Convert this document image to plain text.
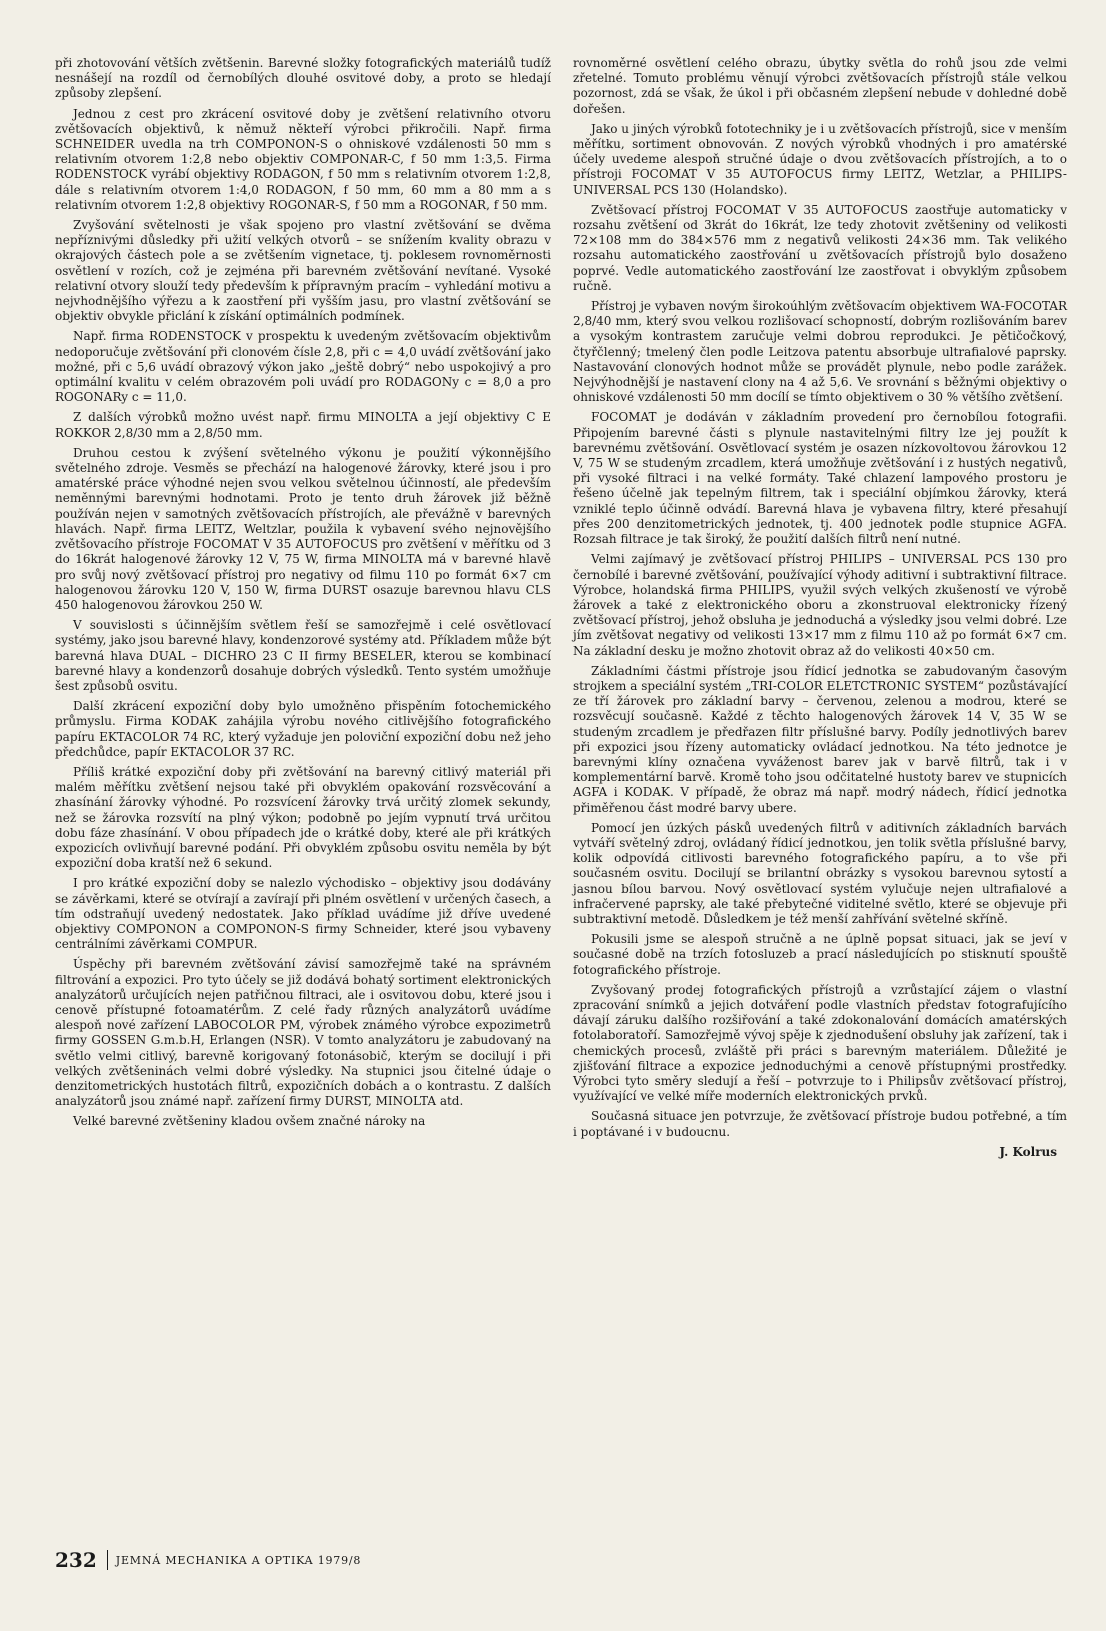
při zhotovování větších zvětšenin. Barevné složky fotografických materiálů tudíž nesnášejí na rozdíl od černobílých dlouhé osvitové doby, a proto se hledají způsoby zlepšení.

Jednou z cest pro zkrácení osvitové doby je zvětšení relativního otvoru zvětšovacích objektivů, k němuž někteří výrobci přikročili. Např. firma SCHNEIDER uvedla na trh COMPONON-S o ohniskové vzdálenosti 50 mm s relativním otvorem 1:2,8 nebo objektiv COMPONAR-C, f 50 mm 1:3,5. Firma RODENSTOCK vyrábí objektivy RODAGON, f 50 mm s relativním otvorem 1:2,8, dále s relativním otvorem 1:4,0 RODAGON, f 50 mm, 60 mm a 80 mm a s relativním otvorem 1:2,8 objektivy ROGONAR-S, f 50 mm a ROGONAR, f 50 mm.

Zvyšování světelnosti je však spojeno pro vlastní zvětšování se dvěma nepříznivými důsledky při užití velkých otvorů – se snížením kvality obrazu v okrajových částech pole a se zvětšením vignetace, tj. poklesem rovnoměrnosti osvětlení v rozích, což je zejména při barevném zvětšování nevítané. Vysoké relativní otvory slouží tedy především k přípravným pracím – vyhledání motivu a nejvhodnějšího výřezu a k zaostření při vyšším jasu, pro vlastní zvětšování se objektiv obvykle přiclání k získání optimálních podmínek.

Např. firma RODENSTOCK v prospektu k uvedeným zvětšovacím objektivům nedoporučuje zvětšování při clonovém čísle 2,8, při c = 4,0 uvádí zvětšování jako možné, při c 5,6 uvádí obrazový výkon jako „ještě dobrý“ nebo uspokojivý a pro optimální kvalitu v celém obrazovém poli uvádí pro RODAGONy c = 8,0 a pro ROGONARy c = 11,0.

Z dalších výrobků možno uvést např. firmu MINOLTA a její objektivy C E ROKKOR 2,8/30 mm a 2,8/50 mm.

Druhou cestou k zvýšení světelného výkonu je použití výkonnějšího světelného zdroje. Vesměs se přechází na halogenové žárovky, které jsou i pro amatérské práce výhodné nejen svou velkou světelnou účinností, ale především neměnnými barevnými hodnotami. Proto je tento druh žárovek již běžně používán nejen v samotných zvětšovacích přístrojích, ale převážně v barevných hlavách. Např. firma LEITZ, Weltzlar, použila k vybavení svého nejnovějšího zvětšovacího přístroje FOCOMAT V 35 AUTOFOCUS pro zvětšení v měřítku od 3 do 16krát halogenové žárovky 12 V, 75 W, firma MINOLTA má v barevné hlavě pro svůj nový zvětšovací přístroj pro negativy od filmu 110 po formát 6×7 cm halogenovou žárovku 120 V, 150 W, firma DURST osazuje barevnou hlavu CLS 450 halogenovou žárovkou 250 W.

V souvislosti s účinnějším světlem řeší se samozřejmě i celé osvětlovací systémy, jako jsou barevné hlavy, kondenzorové systémy atd. Příkladem může být barevná hlava DUAL – DICHRO 23 C II firmy BESELER, kterou se kombinací barevné hlavy a kondenzorů dosahuje dobrých výsledků. Tento systém umožňuje šest způsobů osvitu.

Další zkrácení expoziční doby bylo umožněno přispěním fotochemického průmyslu. Firma KODAK zahájila výrobu nového citlivějšího fotografického papíru EKTACOLOR 74 RC, který vyžaduje jen poloviční expoziční dobu než jeho předchůdce, papír EKTACOLOR 37 RC.

Příliš krátké expoziční doby při zvětšování na barevný citlivý materiál při malém měřítku zvětšení nejsou také při obvyklém opakování rozsvěcování a zhasínání žárovky výhodné. Po rozsvícení žárovky trvá určitý zlomek sekundy, než se žárovka rozsvítí na plný výkon; podobně po jejím vypnutí trvá určitou dobu fáze zhasínání. V obou případech jde o krátké doby, které ale při krátkých expozicích ovlivňují barevné podání. Při obvyklém způsobu osvitu neměla by být expoziční doba kratší než 6 sekund.

I pro krátké expoziční doby se nalezlo východisko – objektivy jsou dodávány se závěrkami, které se otvírají a zavírají při plném osvětlení v určených časech, a tím odstraňují uvedený nedostatek. Jako příklad uvádíme již dříve uvedené objektivy COMPONON a COMPONON-S firmy Schneider, které jsou vybaveny centrálními závěrkami COMPUR.

Úspěchy při barevném zvětšování závisí samozřejmě také na správném filtrování a expozici. Pro tyto účely se již dodává bohatý sortiment elektronických analyzátorů určujících nejen patřičnou filtraci, ale i osvitovou dobu, které jsou i cenově přístupné fotoamatérům. Z celé řady různých analyzátorů uvádíme alespoň nové zařízení LABOCOLOR PM, výrobek známého výrobce expozimetrů firmy GOSSEN G.m.b.H, Erlangen (NSR). V tomto analyzátoru je zabudovaný na světlo velmi citlivý, barevně korigovaný fotonásobič, kterým se docilují i při velkých zvětšeninách velmi dobré výsledky. Na stupnici jsou čitelné údaje o denzitometrických hustotách filtrů, expozičních dobách a o kontrastu. Z dalších analyzátorů jsou známé např. zařízení firmy DURST, MINOLTA atd.

Velké barevné zvětšeniny kladou ovšem značné nároky na

rovnoměrné osvětlení celého obrazu, úbytky světla do rohů jsou zde velmi zřetelné. Tomuto problému věnují výrobci zvětšovacích přístrojů stále velkou pozornost, zdá se však, že úkol i při občasném zlepšení nebude v dohledné době dořešen.

Jako u jiných výrobků fototechniky je i u zvětšovacích přístrojů, sice v menším měřítku, sortiment obnovován. Z nových výrobků vhodných i pro amatérské účely uvedeme alespoň stručné údaje o dvou zvětšovacích přístrojích, a to o přístroji FOCOMAT V 35 AUTOFOCUS firmy LEITZ, Wetzlar, a PHILIPS-UNIVERSAL PCS 130 (Holandsko).

Zvětšovací přístroj FOCOMAT V 35 AUTOFOCUS zaostřuje automaticky v rozsahu zvětšení od 3krát do 16krát, lze tedy zhotovit zvětšeniny od velikosti 72×108 mm do 384×576 mm z negativů velikosti 24×36 mm. Tak velikého rozsahu automatického zaostřování u zvětšovacích přístrojů bylo dosaženo poprvé. Vedle automatického zaostřování lze zaostřovat i obvyklým způsobem ručně.

Přístroj je vybaven novým širokoúhlým zvětšovacím objektivem WA-FOCOTAR 2,8/40 mm, který svou velkou rozlišovací schopností, dobrým rozlišováním barev a vysokým kontrastem zaručuje velmi dobrou reprodukci. Je pětičočkový, čtyřčlenný; tmelený člen podle Leitzova patentu absorbuje ultrafialové paprsky. Nastavování clonových hodnot může se provádět plynule, nebo podle zarážek. Nejvýhodnější je nastavení clony na 4 až 5,6. Ve srovnání s běžnými objektivy o ohniskové vzdálenosti 50 mm docílí se tímto objektivem o 30 % většího zvětšení.

FOCOMAT je dodáván v základním provedení pro černobílou fotografii. Připojením barevné části s plynule nastavitelnými filtry lze jej použít k barevnému zvětšování. Osvětlovací systém je osazen nízkovoltovou žárovkou 12 V, 75 W se studeným zrcadlem, která umožňuje zvětšování i z hustých negativů, při vysoké filtraci i na velké formáty. Také chlazení lampového prostoru je řešeno účelně jak tepelným filtrem, tak i speciální objímkou žárovky, která vzniklé teplo účinně odvádí. Barevná hlava je vybavena filtry, které přesahují přes 200 denzitometrických jednotek, tj. 400 jednotek podle stupnice AGFA. Rozsah filtrace je tak široký, že použití dalších filtrů není nutné.

Velmi zajímavý je zvětšovací přístroj PHILIPS – UNIVERSAL PCS 130 pro černobílé i barevné zvětšování, používající výhody aditivní i subtraktivní filtrace. Výrobce, holandská firma PHILIPS, využil svých velkých zkušeností ve výrobě žárovek a také z elektronického oboru a zkonstruoval elektronicky řízený zvětšovací přístroj, jehož obsluha je jednoduchá a výsledky jsou velmi dobré. Lze jím zvětšovat negativy od velikosti 13×17 mm z filmu 110 až po formát 6×7 cm. Na základní desku je možno zhotovit obraz až do velikosti 40×50 cm.

Základními částmi přístroje jsou řídicí jednotka se zabudovaným časovým strojkem a speciální systém „TRI-COLOR ELETCTRONIC SYSTEM“ pozůstávající ze tří žárovek pro základní barvy – červenou, zelenou a modrou, které se rozsvěcují současně. Každé z těchto halogenových žárovek 14 V, 35 W se studeným zrcadlem je předřazen filtr příslušné barvy. Podíly jednotlivých barev při expozici jsou řízeny automaticky ovládací jednotkou. Na této jednotce je barevnými klíny označena vyváženost barev jak v barvě filtrů, tak i v komplementární barvě. Kromě toho jsou odčitatelné hustoty barev ve stupnicích AGFA i KODAK. V případě, že obraz má např. modrý nádech, řídicí jednotka přiměřenou část modré barvy ubere.

Pomocí jen úzkých pásků uvedených filtrů v aditivních základních barvách vytváří světelný zdroj, ovládaný řídicí jednotkou, jen tolik světla příslušné barvy, kolik odpovídá citlivosti barevného fotografického papíru, a to vše při současném osvitu. Docilují se brilantní obrázky s vysokou barevnou sytostí a jasnou bílou barvou. Nový osvětlovací systém vylučuje nejen ultrafialové a infračervené paprsky, ale také přebytečné viditelné světlo, které se objevuje při subtraktivní metodě. Důsledkem je též menší zahřívání světelné skříně.

Pokusili jsme se alespoň stručně a ne úplně popsat situaci, jak se jeví v současné době na trzích fotosluzeb a prací následujících po stisknutí spouště fotografického přístroje.

Zvyšovaný prodej fotografických přístrojů a vzrůstající zájem o vlastní zpracování snímků a jejich dotváření podle vlastních představ fotografujícího dávají záruku dalšího rozšiřování a také zdokonalování domácích amatérských fotolaboratoří. Samozřejmě vývoj spěje k zjednodušení obsluhy jak zařízení, tak i chemických procesů, zvláště při práci s barevným materiálem. Důležité je zjišťování filtrace a expozice jednoduchými a cenově přístupnými prostředky. Výrobci tyto směry sledují a řeší – potvrzuje to i Philipsův zvětšovací přístroj, využívající ve velké míře moderních elektronických prvků.

Současná situace jen potvrzuje, že zvětšovací přístroje budou potřebné, a tím i poptávané i v budoucnu.

J. Kolrus
232 JEMNÁ MECHANIKA A OPTIKA 1979/8
